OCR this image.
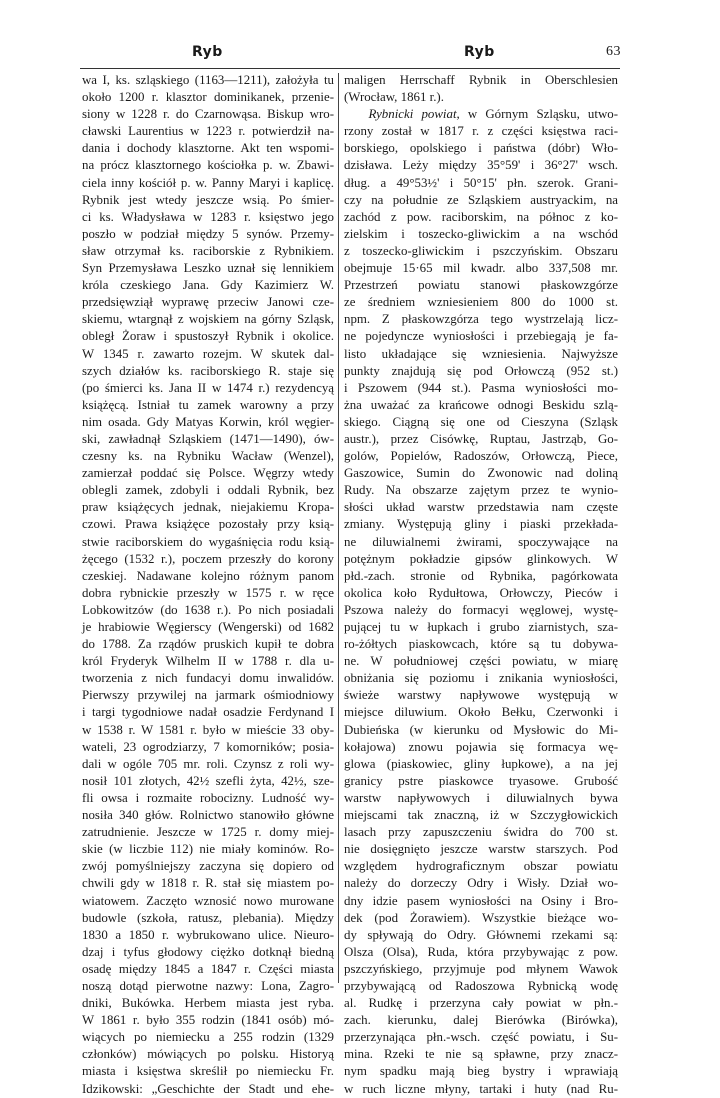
Ryb	Ryb	63
wa I, ks. szląskiego (1163—1211), założyła tu
około 1200 r. klasztor dominikanek, przenie-
siony w 1228 r. do Czarnowąsa. Biskup wro-
cławski Laurentius w 1223 r. potwierdził na-
dania i dochody klasztorne. Akt ten wspomi-
na prócz klasztornego kościołka p. w. Zbawi-
ciela inny kościół p. w. Panny Maryi i kaplicę.
Rybnik jest wtedy jeszcze wsią. Po śmier-
ci ks. Władysława w 1283 r. księstwo jego
poszło w podział między 5 synów. Przemy-
sław otrzymał ks. raciborskie z Rybnikiem.
Syn Przemysława Leszko uznał się lennikiem
króla czeskiego Jana. Gdy Kazimierz W.
przedsięwziął wyprawę przeciw Janowi cze-
skiemu, wtargnął z wojskiem na górny Szląsk,
obległ Żoraw i spustoszył Rybnik i okolice.
W 1345 r. zawarto rozejm. W skutek dal-
szych działów ks. raciborskiego R. staje się
(po śmierci ks. Jana II w 1474 r.) rezydencyą
książęcą. Istniał tu zamek warowny a przy
nim osada. Gdy Matyas Korwin, król węgier-
ski, zawładnął Szląskiem (1471—1490), ów-
czesny ks. na Rybniku Wacław (Wenzel),
zamierzał poddać się Polsce. Węgrzy wtedy
oblegli zamek, zdobyli i oddali Rybnik, bez
praw książęcych jednak, niejakiemu Kropa-
czowi. Prawa książęce pozostały przy ksią-
stwie raciborskiem do wygaśnięcia rodu ksią-
żęcego (1532 r.), poczem przeszły do korony
czeskiej. Nadawane kolejno różnym panom
dobra rybnickie przeszły w 1575 r. w ręce
Lobkowitzów (do 1638 r.). Po nich posiadali
je hrabiowie Węgierscy (Wengerski) od 1682
do 1788. Za rządów pruskich kupił te dobra
król Fryderyk Wilhelm II w 1788 r. dla u-
tworzenia z nich fundacyi domu inwalidów.
Pierwszy przywilej na jarmark ośmiodniowy
i targi tygodniowe nadał osadzie Ferdynand I
w 1538 r. W 1581 r. było w mieście 33 oby-
wateli, 23 ogrodziarzy, 7 komorników; posia-
dali w ogóle 705 mr. roli. Czynsz z roli wy-
nosił 101 złotych, 42½ szefli żyta, 42½, sze-
fli owsa i rozmaite robocizny. Ludność wy-
nosiła 340 głów. Rolnictwo stanowiło główne
zatrudnienie. Jeszcze w 1725 r. domy miej-
skie (w liczbie 112) nie miały kominów. Ro-
zwój pomyślniejszy zaczyna się dopiero od
chwili gdy w 1818 r. R. stał się miastem po-
wiatowem. Zaczęto wznosić nowo murowane
budowle (szkoła, ratusz, plebania). Między
1830 a 1850 r. wybrukowano ulice. Nieuro-
dzaj i tyfus głodowy ciężko dotknął biedną
osadę między 1845 a 1847 r. Części miasta
noszą dotąd pierwotne nazwy: Lona, Zagro-
dniki, Bukówka. Herbem miasta jest ryba.
W 1861 r. było 355 rodzin (1841 osób) mó-
wiących po niemiecku a 255 rodzin (1329
członków) mówiących po polsku. Historyą
miasta i księstwa skreślił po niemiecku Fr.
Idzikowski: „Geschichte der Stadt und ehe-
maligen Herrschaff Rybnik in Oberschlesien
(Wrocław, 1861 r.).
Rybnicki powiat, w Górnym Szląsku, utwo-
rzony został w 1817 r. z części księstwa raci-
borskiego, opolskiego i państwa (dóbr) Wło-
dzisława. Leży między 35°59' i 36°27' wsch.
dług. a 49°53½' i 50°15' płn. szerok. Grani-
czy na południe ze Szląskiem austryackim, na
zachód z pow. raciborskim, na północ z ko-
zielskim i toszecko-gliwickim a na wschód
z toszecko-gliwickim i pszczyńskim. Obszaru
obejmuje 15·65 mil kwadr. albo 337,508 mr.
Przestrzeń powiatu stanowi płaskowzgórze
ze średniem wzniesieniem 800 do 1000 st.
npm. Z płaskowzgórza tego wystrzelają licz-
ne pojedyncze wyniosłości i przebiegają je fa-
listo układające się wzniesienia. Najwyższe
punkty znajdują się pod Orłowczą (952 st.)
i Pszowem (944 st.). Pasma wyniosłości mo-
żna uważać za krańcowe odnogi Beskidu szlą-
skiego. Ciągną się one od Cieszyna (Szląsk
austr.), przez Cisówkę, Ruptau, Jastrząb, Go-
golów, Popielów, Radoszów, Orłowczą, Piece,
Gaszowice, Sumin do Zwonowic nad doliną
Rudy. Na obszarze zajętym przez te wynio-
słości układ warstw przedstawia nam częste
zmiany. Występują gliny i piaski przekłada-
ne diluwialnemi żwirami, spoczywające na
potężnym pokładzie gipsów glinkowych. W
płd.-zach. stronie od Rybnika, pagórkowata
okolica koło Rydułtowa, Orłowczy, Pieców i
Pszowa należy do formacyi węglowej, wystę-
pującej tu w łupkach i grubo ziarnistych, sza-
ro-żółtych piaskowcach, które są tu dobywa-
ne. W południowej części powiatu, w miarę
obniżania się poziomu i znikania wyniosłości,
świeże warstwy napływowe występują w
miejsce diluwium. Około Bełku, Czerwonki i
Dubieńska (w kierunku od Mysłowic do Mi-
kołajowa) znowu pojawia się formacya wę-
glowa (piaskowiec, gliny łupkowe), a na jej
granicy pstre piaskowce tryasowe. Grubość
warstw napływowych i diluwialnych bywa
miejscami tak znaczną, iż w Szczygłowickich
lasach przy zapuszczeniu świdra do 700 st.
nie dosięgnięto jeszcze warstw starszych. Pod
względem hydrograficznym obszar powiatu
należy do dorzeczy Odry i Wisły. Dział wo-
dny idzie pasem wyniosłości na Osiny i Bro-
dek (pod Żorawiem). Wszystkie bieżące wo-
dy spływają do Odry. Głównemi rzekami są:
Olsza (Olsa), Ruda, która przybywając z pow.
pszczyńskiego, przyjmuje pod młynem Wawok
przybywającą od Radoszowa Rybnicką wodę
al. Rudkę i przerzyna cały powiat w płn.-
zach. kierunku, dalej Bierówka (Birówka),
przerzynająca płn.-wsch. część powiatu, i Su-
mina. Rzeki te nie są spławne, przy znacz-
nym spadku mają bieg bystry i wprawiają
w ruch liczne młyny, tartaki i huty (nad Ru-
